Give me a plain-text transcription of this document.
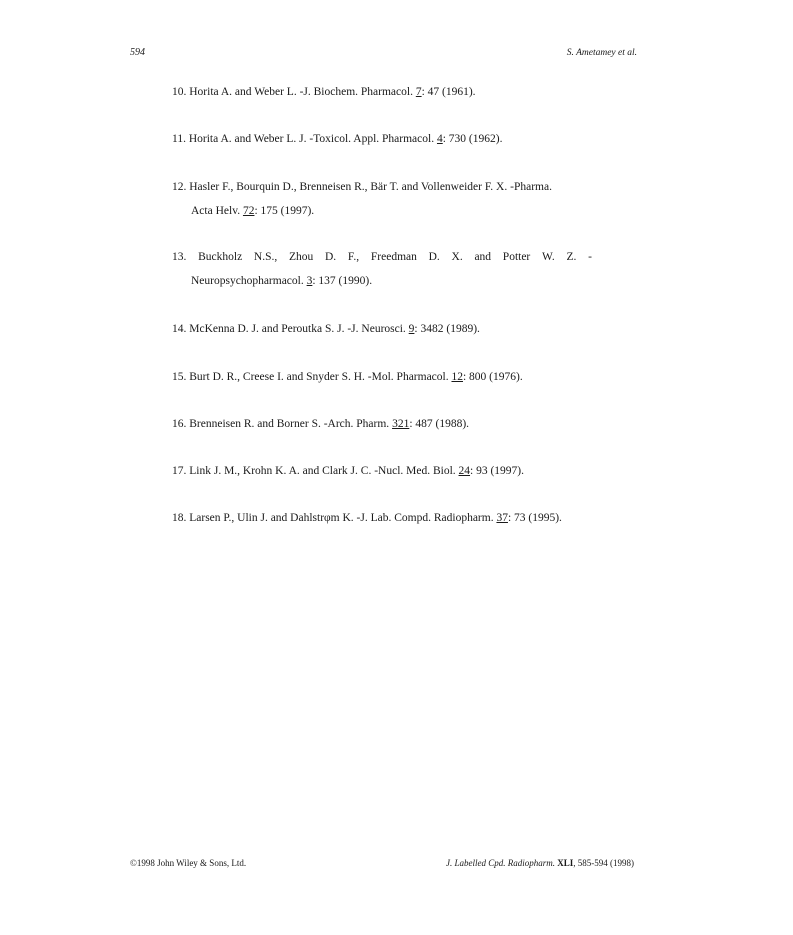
594	S. Ametamey et al.
10. Horita A. and Weber L. -J. Biochem. Pharmacol. 7: 47 (1961).
11. Horita A. and Weber L. J. -Toxicol. Appl. Pharmacol. 4: 730 (1962).
12. Hasler F., Bourquin D., Brenneisen R., Bär T. and Vollenweider F. X. -Pharma.
Acta Helv. 72: 175 (1997).
13. Buckholz N.S., Zhou D. F., Freedman D. X. and Potter W. Z. -
Neuropsychopharmacol. 3: 137 (1990).
14. McKenna D. J. and Peroutka S. J. -J. Neurosci. 9: 3482 (1989).
15. Burt D. R., Creese I. and Snyder S. H. -Mol. Pharmacol. 12: 800 (1976).
16. Brenneisen R. and Borner S. -Arch. Pharm. 321: 487 (1988).
17. Link J. M., Krohn K. A. and Clark J. C. -Nucl. Med. Biol. 24: 93 (1997).
18. Larsen P., Ulin J. and Dahlstrφm K. -J. Lab. Compd. Radiopharm. 37: 73 (1995).
©1998 John Wiley & Sons, Ltd.	J. Labelled Cpd. Radiopharm. XLI, 585-594 (1998)
